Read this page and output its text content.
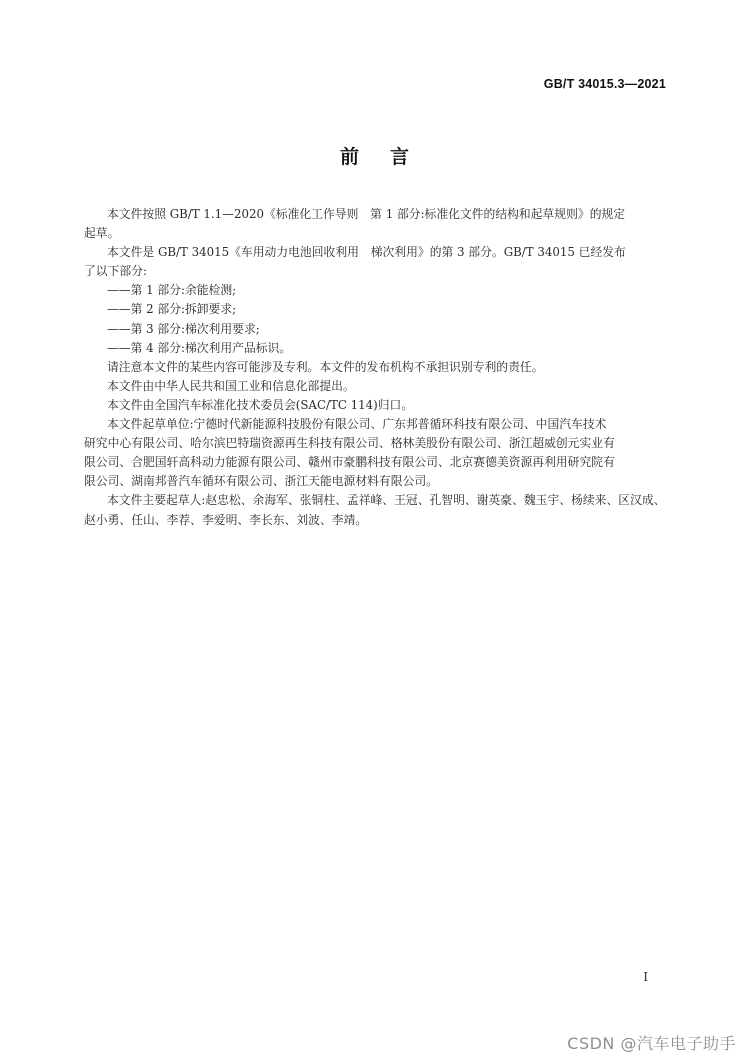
GB/T 34015.3—2021
前 言
本文件按照 GB/T 1.1—2020《标准化工作导则　第 1 部分:标准化文件的结构和起草规则》的规定
起草。
本文件是 GB/T 34015《车用动力电池回收利用　梯次利用》的第 3 部分。GB/T 34015 已经发布
了以下部分:
——第 1 部分:余能检测;
——第 2 部分:拆卸要求;
——第 3 部分:梯次利用要求;
——第 4 部分:梯次利用产品标识。
请注意本文件的某些内容可能涉及专利。本文件的发布机构不承担识别专利的责任。
本文件由中华人民共和国工业和信息化部提出。
本文件由全国汽车标准化技术委员会(SAC/TC 114)归口。
本文件起草单位:宁德时代新能源科技股份有限公司、广东邦普循环科技有限公司、中国汽车技术
研究中心有限公司、哈尔滨巴特瑞资源再生科技有限公司、格林美股份有限公司、浙江超威创元实业有
限公司、合肥国轩高科动力能源有限公司、赣州市豪鹏科技有限公司、北京赛德美资源再利用研究院有
限公司、湖南邦普汽车循环有限公司、浙江天能电源材料有限公司。
本文件主要起草人:赵忠松、余海军、张铜柱、孟祥峰、王冠、孔智明、谢英豪、魏玉宇、杨续来、区汉成、
赵小勇、任山、李荐、李爱明、李长东、刘波、李靖。
I
CSDN @汽车电子助手
